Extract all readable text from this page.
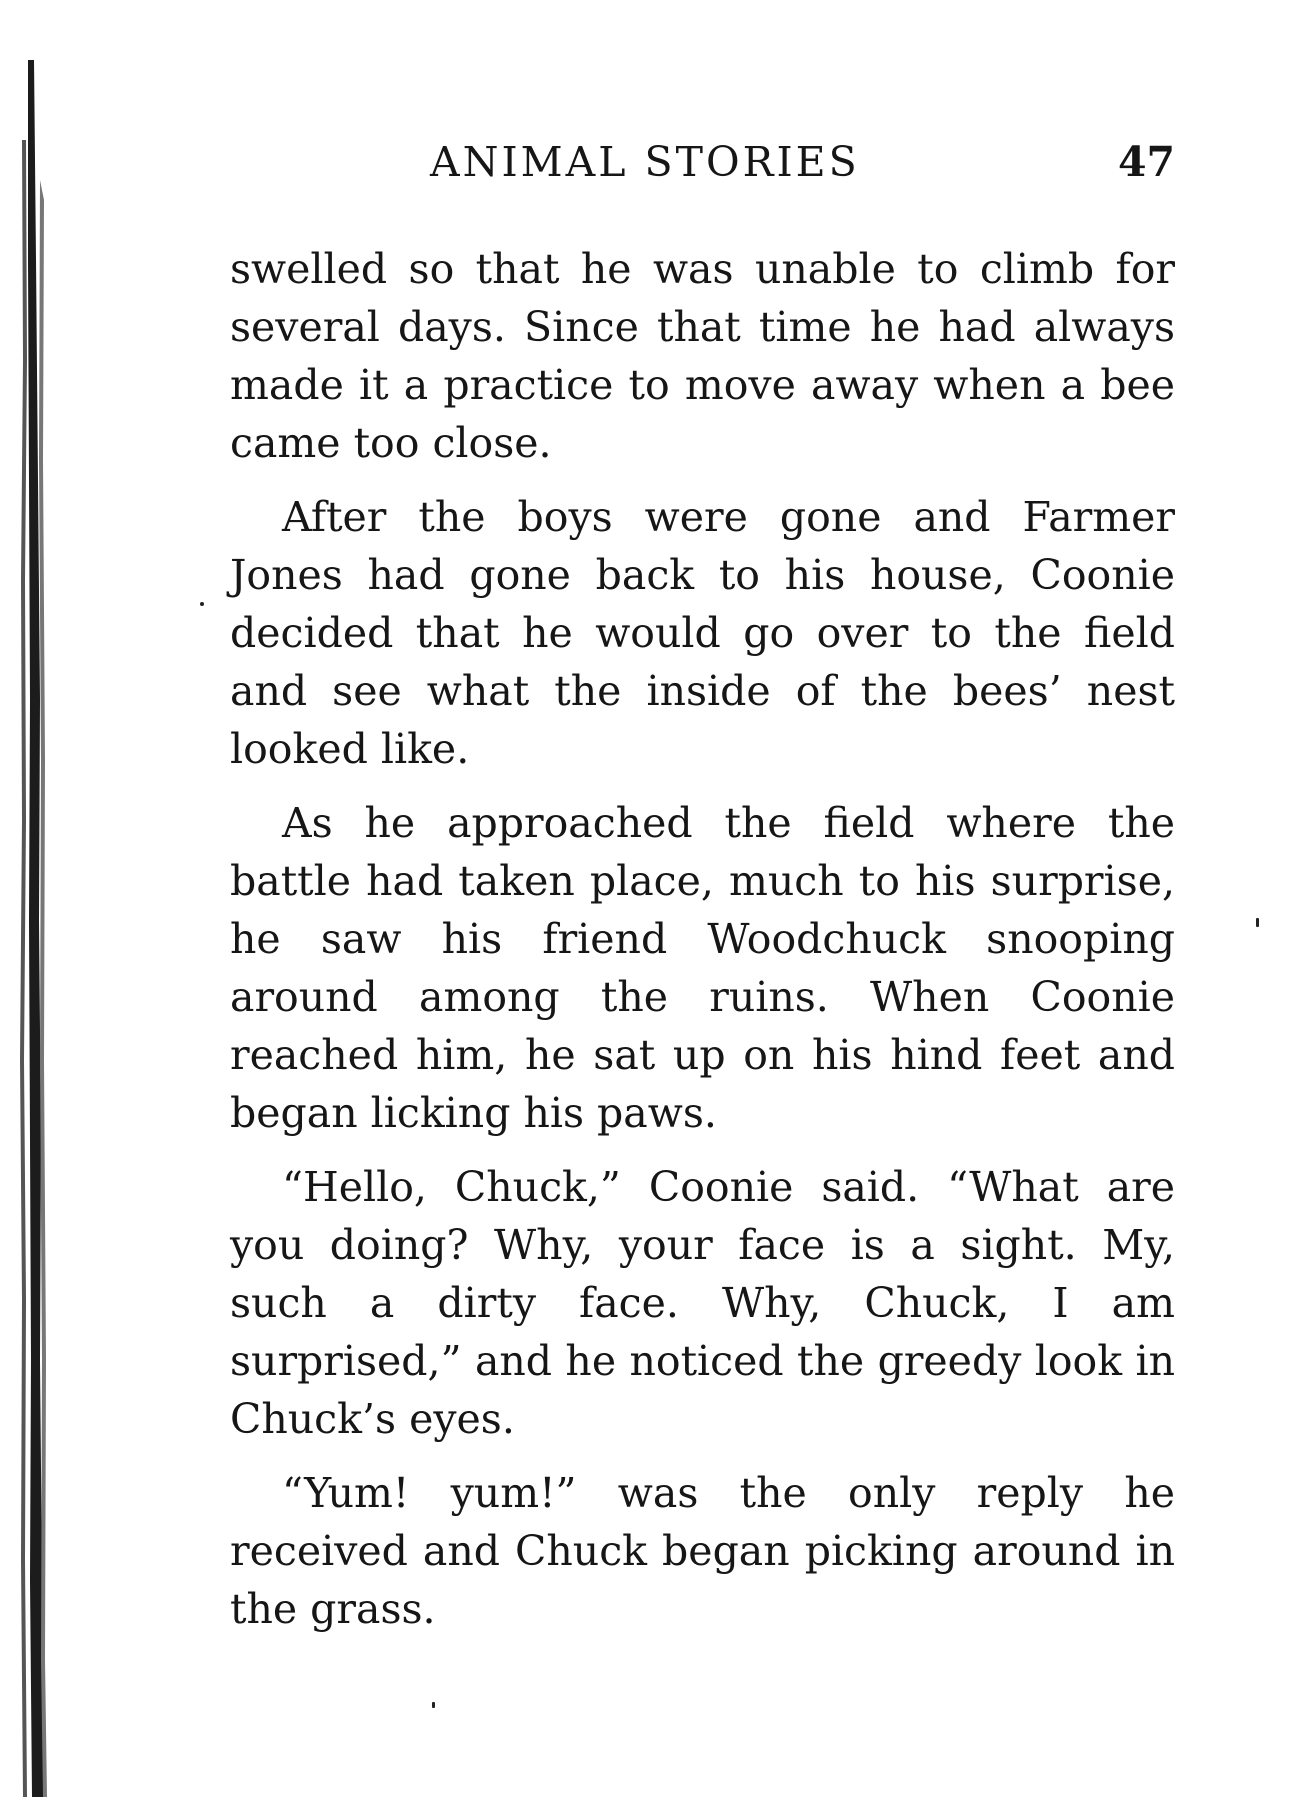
ANIMAL STORIES	47

swelled so that he was unable to climb for several days. Since that time he had always made it a practice to move away when a bee came too close.

After the boys were gone and Farmer Jones had gone back to his house, Coonie decided that he would go over to the field and see what the inside of the bees’ nest looked like.

As he approached the field where the battle had taken place, much to his surprise, he saw his friend Woodchuck snooping around among the ruins. When Coonie reached him, he sat up on his hind feet and began licking his paws.

“Hello, Chuck,” Coonie said. “What are you doing? Why, your face is a sight. My, such a dirty face. Why, Chuck, I am surprised,” and he noticed the greedy look in Chuck’s eyes.

“Yum! yum!” was the only reply he received and Chuck began picking around in the grass.
